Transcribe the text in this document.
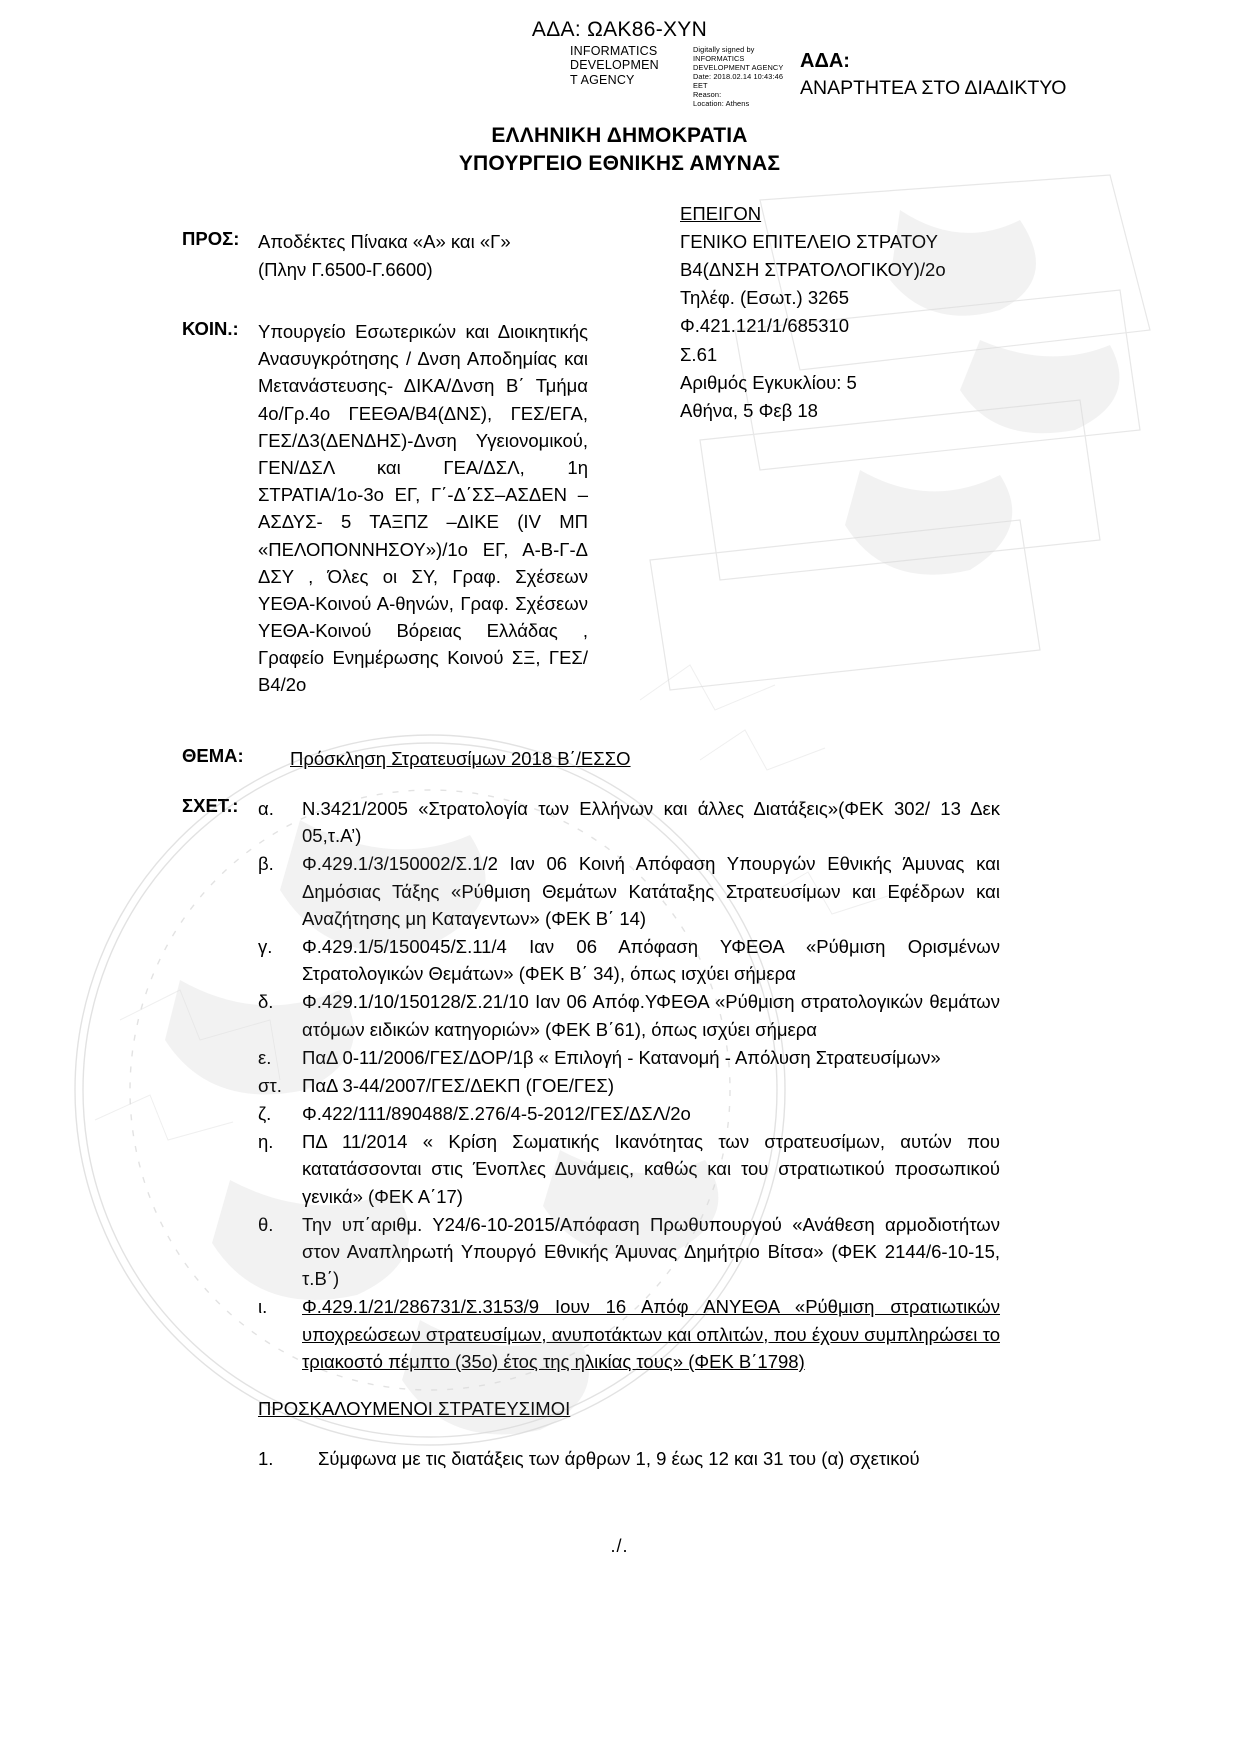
ΑΔΑ: ΩΑΚ86-ΧΥΝ
INFORMATICS
DEVELOPMEN
T AGENCY
Digitally signed by
INFORMATICS
DEVELOPMENT AGENCY
Date: 2018.02.14 10:43:46
EET
Reason:
Location: Athens
ΑΔΑ:
ΑΝΑΡΤΗΤΕΑ ΣΤΟ ΔΙΑΔΙΚΤΥΟ
ΕΛΛΗΝΙΚΗ ΔΗΜΟΚΡΑΤΙΑ
ΥΠΟΥΡΓΕΙΟ ΕΘΝΙΚΗΣ ΑΜΥΝΑΣ
ΕΠΕΙΓΟΝ
ΓΕΝΙΚΟ ΕΠΙΤΕΛΕΙΟ ΣΤΡΑΤΟΥ
Β4(ΔΝΣΗ ΣΤΡΑΤΟΛΟΓΙΚΟΥ)/2ο
Τηλέφ. (Εσωτ.) 3265
Φ.421.121/1/685310
Σ.61
Αριθμός Εγκυκλίου: 5
Αθήνα, 5 Φεβ 18
ΠΡΟΣ: Αποδέκτες Πίνακα «Α» και «Γ»
(Πλην Γ.6500-Γ.6600)
ΚΟΙΝ.: Υπουργείο Εσωτερικών και Διοικητικής Ανασυγκρότησης / Δνση Αποδημίας και Μετανάστευσης- ΔΙΚΑ/Δνση Β΄ Τμήμα 4ο/Γρ.4ο ΓΕΕΘΑ/Β4(ΔΝΣ), ΓΕΣ/ΕΓΑ, ΓΕΣ/Δ3(ΔΕΝΔΗΣ)-Δνση Υγειονομικού, ΓΕΝ/ΔΣΛ και ΓΕΑ/ΔΣΛ, 1η ΣΤΡΑΤΙΑ/1ο-3ο ΕΓ, Γ΄-Δ΄ΣΣ–ΑΣΔΕΝ – ΑΣΔΥΣ- 5 ΤΑΞΠΖ –ΔΙΚΕ (IV ΜΠ «ΠΕΛΟΠΟΝΝΗΣΟΥ»)/1ο ΕΓ, Α-Β-Γ-Δ ΔΣΥ , Όλες οι ΣΥ, Γραφ. Σχέσεων ΥΕΘΑ-Κοινού Α-θηνών, Γραφ. Σχέσεων ΥΕΘΑ-Κοινού Βόρειας Ελλάδας , Γραφείο Ενημέρωσης Κοινού ΣΞ, ΓΕΣ/Β4/2ο
ΘΕΜΑ:	Πρόσκληση Στρατευσίμων 2018 Β΄/ΕΣΣΟ
ΣΧΕΤ.: α.	Ν.3421/2005 «Στρατολογία των Ελλήνων και άλλες Διατάξεις»(ΦΕΚ 302/ 13 Δεκ 05,τ.Α’)
β.	Φ.429.1/3/150002/Σ.1/2 Ιαν 06 Κοινή Απόφαση Υπουργών Εθνικής Άμυνας και Δημόσιας Τάξης «Ρύθμιση Θεμάτων Κατάταξης Στρατευσίμων και Εφέδρων και Αναζήτησης μη Καταγεντων» (ΦΕΚ Β΄ 14)
γ.	Φ.429.1/5/150045/Σ.11/4 Ιαν 06 Απόφαση ΥΦΕΘΑ «Ρύθμιση Ορισμένων Στρατολογικών Θεμάτων» (ΦΕΚ Β΄ 34), όπως ισχύει σήμερα
δ.	Φ.429.1/10/150128/Σ.21/10 Ιαν 06 Απόφ.ΥΦΕΘΑ «Ρύθμιση στρατολογικών θεμάτων ατόμων ειδικών κατηγοριών» (ΦΕΚ Β΄61), όπως ισχύει σήμερα
ε.	ΠαΔ 0-11/2006/ΓΕΣ/ΔΟΡ/1β « Επιλογή - Κατανομή - Απόλυση Στρατευσίμων»
στ.	ΠαΔ 3-44/2007/ΓΕΣ/ΔΕΚΠ (ΓΟΕ/ΓΕΣ)
ζ.	Φ.422/111/890488/Σ.276/4-5-2012/ΓΕΣ/ΔΣΛ/2ο
η.	ΠΔ 11/2014 « Κρίση Σωματικής Ικανότητας των στρατευσίμων, αυτών που κατατάσσονται στις Ένοπλες Δυνάμεις, καθώς και του στρατιωτικού προσωπικού γενικά» (ΦΕΚ Α΄17)
θ.	Την υπ΄αριθμ. Υ24/6-10-2015/Απόφαση Πρωθυπουργού «Ανάθεση αρμοδιοτήτων στον Αναπληρωτή Υπουργό Εθνικής Άμυνας Δημήτριο Βίτσα» (ΦΕΚ 2144/6-10-15, τ.Β΄)
ι.	Φ.429.1/21/286731/Σ.3153/9 Ιουν 16 Απόφ ΑΝΥΕΘΑ «Ρύθμιση στρατιωτικών υποχρεώσεων στρατευσίμων, ανυποτάκτων και οπλιτών, που έχουν συμπληρώσει το τριακοστό πέμπτο (35ο) έτος της ηλικίας τους» (ΦΕΚ Β΄1798)
ΠΡΟΣΚΑΛΟΥΜΕΝΟΙ ΣΤΡΑΤΕΥΣΙΜΟΙ
1.	Σύμφωνα με τις διατάξεις των άρθρων 1, 9 έως 12 και 31 του (α) σχετικού
./.
